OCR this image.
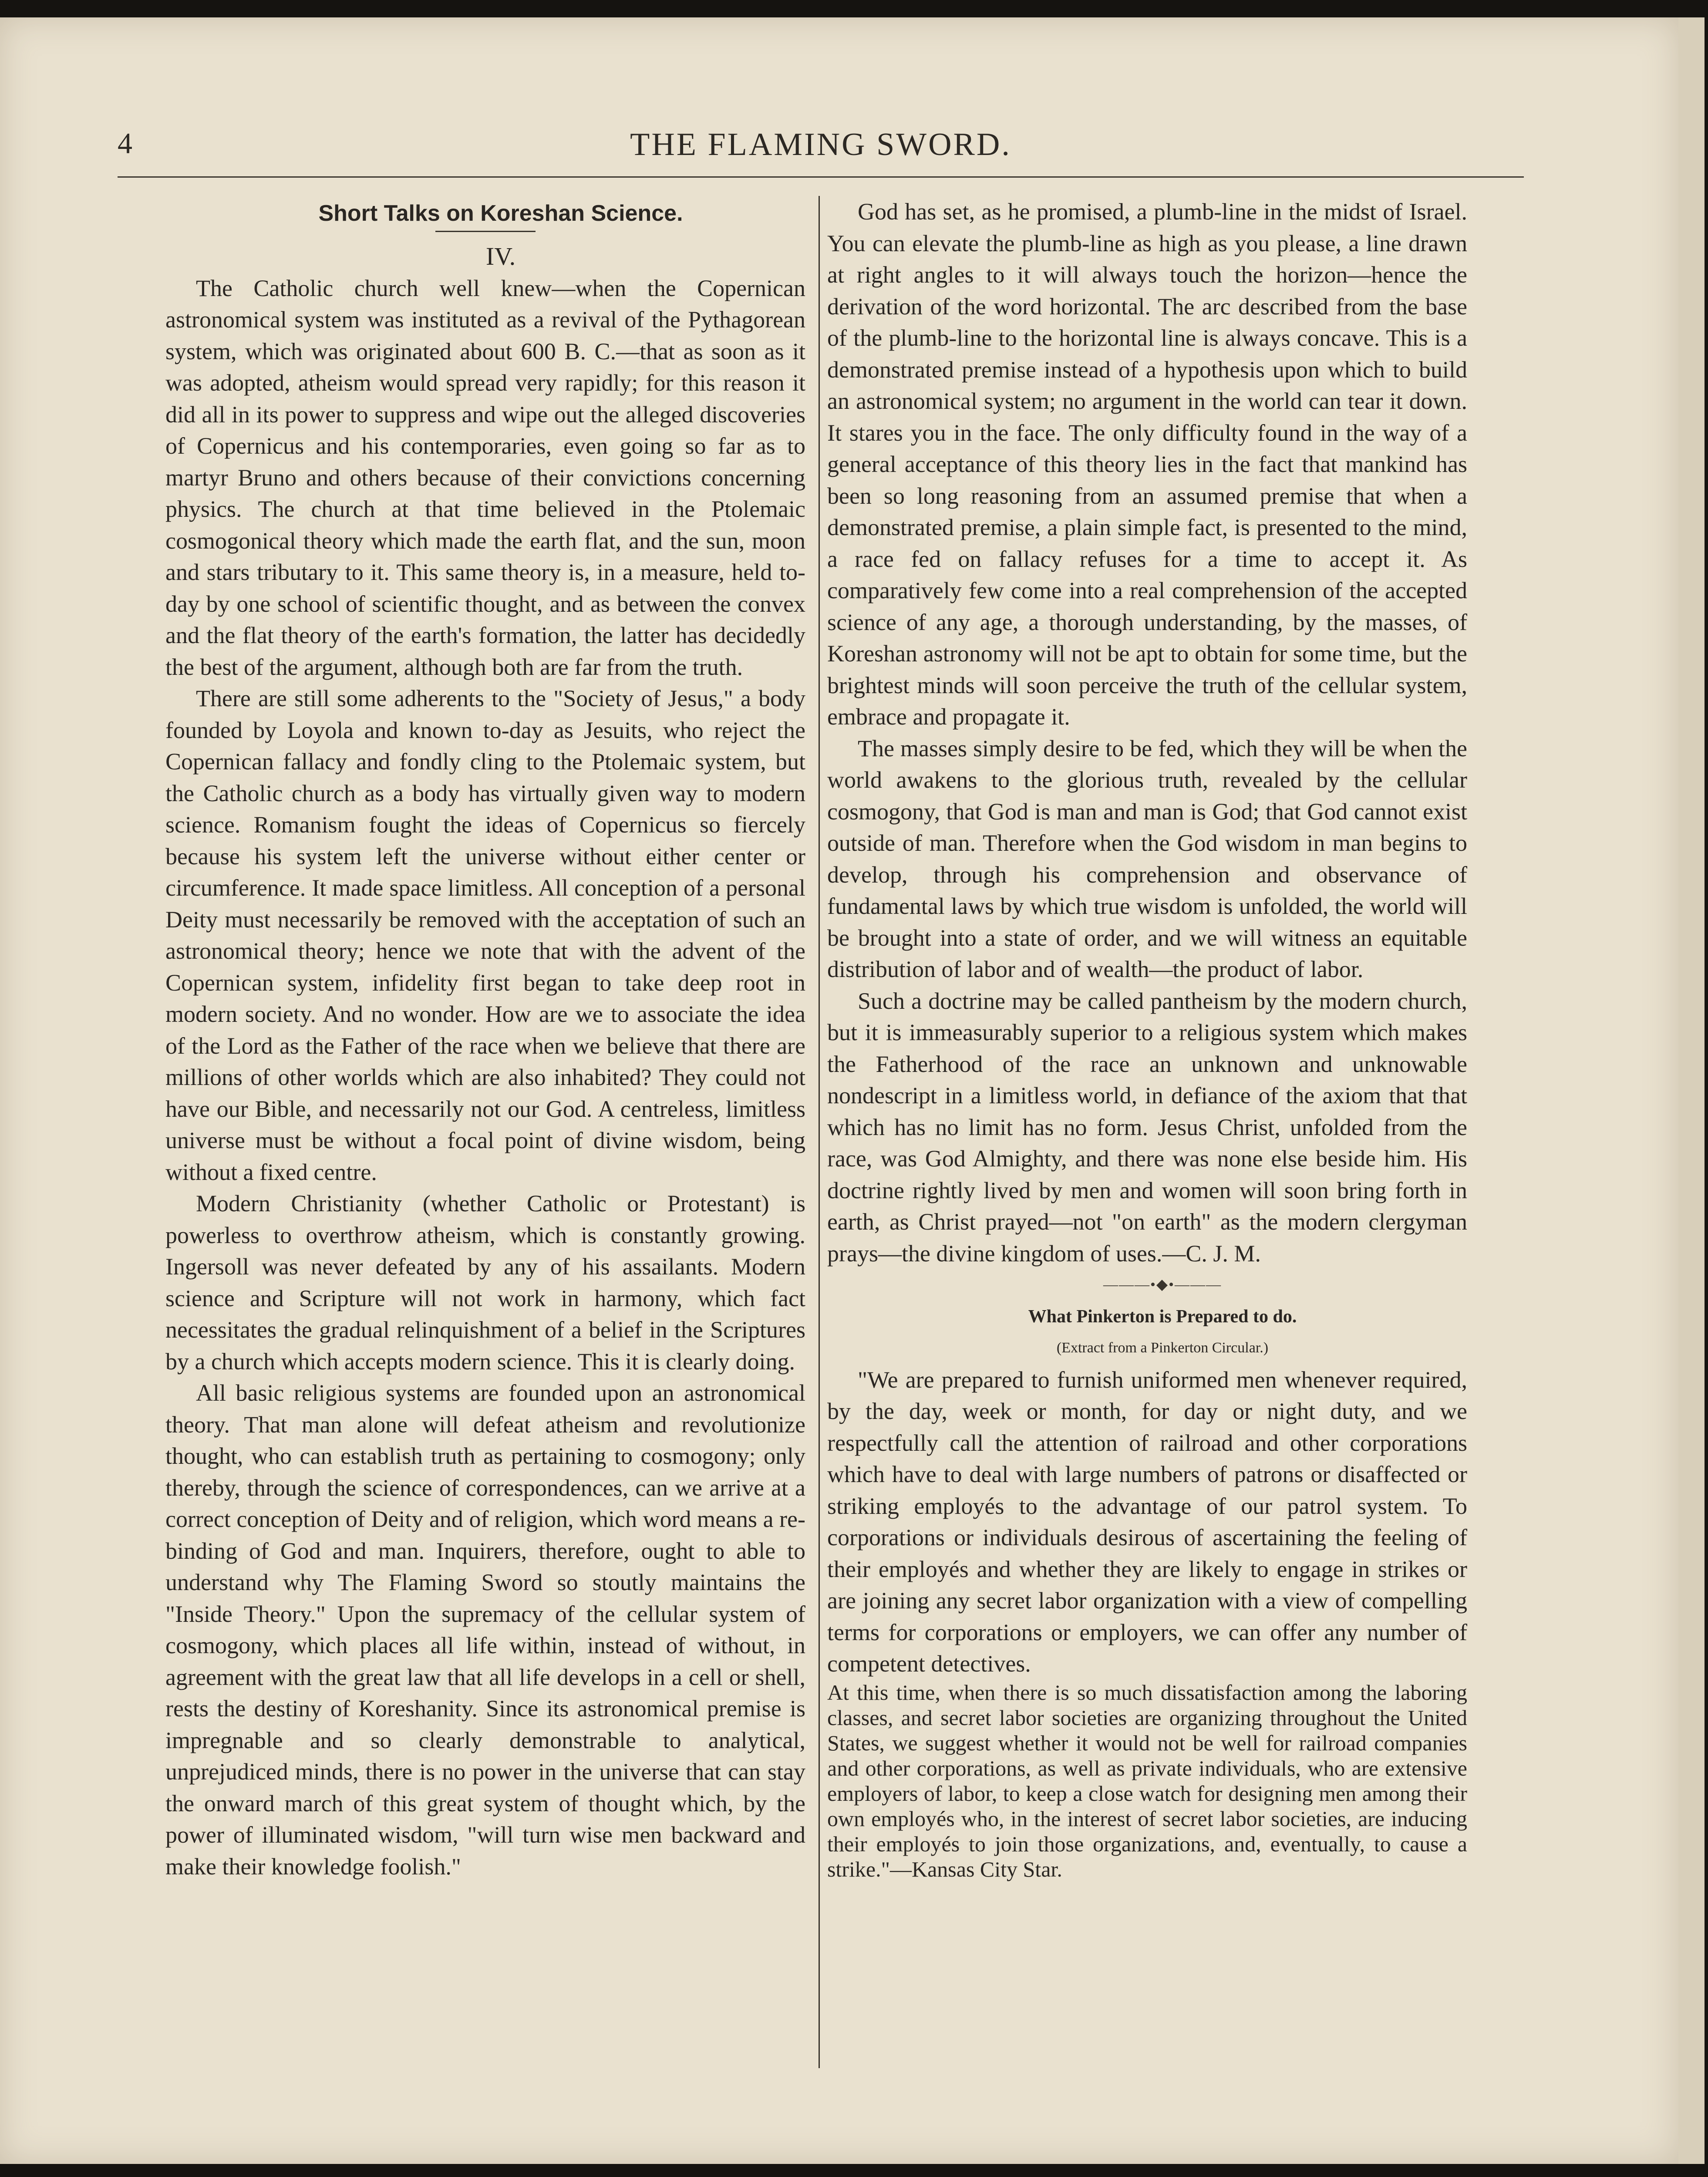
4	THE FLAMING SWORD.

Short Talks on Koreshan Science.

IV.

The Catholic church well knew—when the Copernican astronomical system was instituted as a revival of the Pythagorean system, which was originated about 600 B. C.—that as soon as it was adopted, atheism would spread very rapidly; for this reason it did all in its power to suppress and wipe out the alleged discoveries of Copernicus and his contemporaries, even going so far as to martyr Bruno and others because of their convictions concerning physics. The church at that time believed in the Ptolemaic cosmogonical theory which made the earth flat, and the sun, moon and stars tributary to it. This same theory is, in a measure, held to-day by one school of scientific thought, and as between the convex and the flat theory of the earth's formation, the latter has decidedly the best of the argument, although both are far from the truth.

There are still some adherents to the "Society of Jesus," a body founded by Loyola and known to-day as Jesuits, who reject the Copernican fallacy and fondly cling to the Ptolemaic system, but the Catholic church as a body has virtually given way to modern science. Romanism fought the ideas of Copernicus so fiercely because his system left the universe without either center or circumference. It made space limitless. All conception of a personal Deity must necessarily be removed with the acceptation of such an astronomical theory; hence we note that with the advent of the Copernican system, infidelity first began to take deep root in modern society. And no wonder. How are we to associate the idea of the Lord as the Father of the race when we believe that there are millions of other worlds which are also inhabited? They could not have our Bible, and necessarily not our God. A centreless, limitless universe must be without a focal point of divine wisdom, being without a fixed centre.

Modern Christianity (whether Catholic or Protestant) is powerless to overthrow atheism, which is constantly growing. Ingersoll was never defeated by any of his assailants. Modern science and Scripture will not work in harmony, which fact necessitates the gradual relinquishment of a belief in the Scriptures by a church which accepts modern science. This it is clearly doing.

All basic religious systems are founded upon an astronomical theory. That man alone will defeat atheism and revolutionize thought, who can establish truth as pertaining to cosmogony; only thereby, through the science of correspondences, can we arrive at a correct conception of Deity and of religion, which word means a re-binding of God and man. Inquirers, therefore, ought to able to understand why The Flaming Sword so stoutly maintains the "Inside Theory." Upon the supremacy of the cellular system of cosmogony, which places all life within, instead of without, in agreement with the great law that all life develops in a cell or shell, rests the destiny of Koreshanity. Since its astronomical premise is impregnable and so clearly demonstrable to analytical, unprejudiced minds, there is no power in the universe that can stay the onward march of this great system of thought which, by the power of illuminated wisdom, "will turn wise men backward and make their knowledge foolish."

God has set, as he promised, a plumb-line in the midst of Israel. You can elevate the plumb-line as high as you please, a line drawn at right angles to it will always touch the horizon—hence the derivation of the word horizontal. The arc described from the base of the plumb-line to the horizontal line is always concave. This is a demonstrated premise instead of a hypothesis upon which to build an astronomical system; no argument in the world can tear it down. It stares you in the face. The only difficulty found in the way of a general acceptance of this theory lies in the fact that mankind has been so long reasoning from an assumed premise that when a demonstrated premise, a plain simple fact, is presented to the mind, a race fed on fallacy refuses for a time to accept it. As comparatively few come into a real comprehension of the accepted science of any age, a thorough understanding, by the masses, of Koreshan astronomy will not be apt to obtain for some time, but the brightest minds will soon perceive the truth of the cellular system, embrace and propagate it.

The masses simply desire to be fed, which they will be when the world awakens to the glorious truth, revealed by the cellular cosmogony, that God is man and man is God; that God cannot exist outside of man. Therefore when the God wisdom in man begins to develop, through his comprehension and observance of fundamental laws by which true wisdom is unfolded, the world will be brought into a state of order, and we will witness an equitable distribution of labor and of wealth—the product of labor.

Such a doctrine may be called pantheism by the modern church, but it is immeasurably superior to a religious system which makes the Fatherhood of the race an unknown and unknowable nondescript in a limitless world, in defiance of the axiom that that which has no limit has no form. Jesus Christ, unfolded from the race, was God Almighty, and there was none else beside him. His doctrine rightly lived by men and women will soon bring forth in earth, as Christ prayed—not "on earth" as the modern clergyman prays—the divine kingdom of uses.—C. J. M.

———•◆•———

What Pinkerton is Prepared to do.

(Extract from a Pinkerton Circular.)

"We are prepared to furnish uniformed men whenever required, by the day, week or month, for day or night duty, and we respectfully call the attention of railroad and other corporations which have to deal with large numbers of patrons or disaffected or striking employés to the advantage of our patrol system. To corporations or individuals desirous of ascertaining the feeling of their employés and whether they are likely to engage in strikes or are joining any secret labor organization with a view of compelling terms for corporations or employers, we can offer any number of competent detectives.

At this time, when there is so much dissatisfaction among the laboring classes, and secret labor societies are organizing throughout the United States, we suggest whether it would not be well for railroad companies and other corporations, as well as private individuals, who are extensive employers of labor, to keep a close watch for designing men among their own employés who, in the interest of secret labor societies, are inducing their employés to join those organizations, and, eventually, to cause a strike."—Kansas City Star.
